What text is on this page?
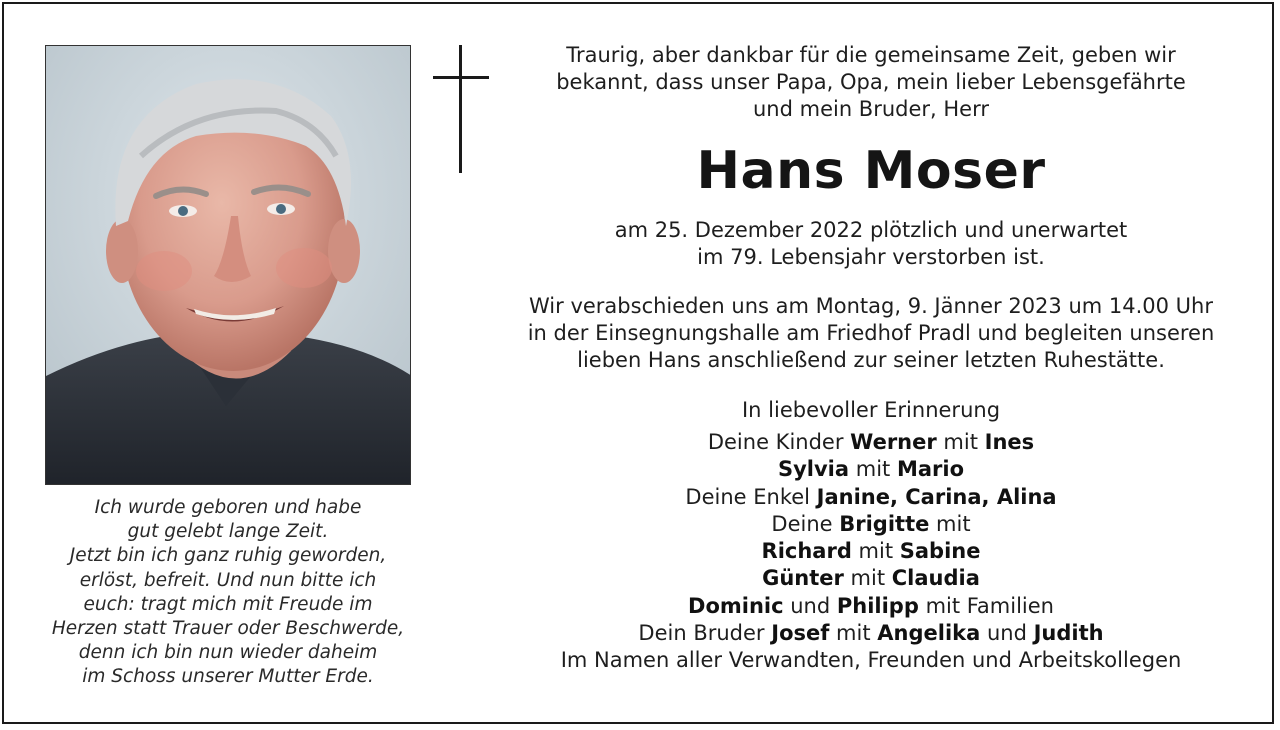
Ich wurde geboren und habe
gut gelebt lange Zeit.
Jetzt bin ich ganz ruhig geworden,
erlöst, befreit. Und nun bitte ich
euch: tragt mich mit Freude im
Herzen statt Trauer oder Beschwerde,
denn ich bin nun wieder daheim
im Schoss unserer Mutter Erde.
Traurig, aber dankbar für die gemeinsame Zeit, geben wir
bekannt, dass unser Papa, Opa, mein lieber Lebensgefährte
und mein Bruder, Herr
Hans Moser
am 25. Dezember 2022 plötzlich und unerwartet
im 79. Lebensjahr verstorben ist.
Wir verabschieden uns am Montag, 9. Jänner 2023 um 14.00 Uhr
in der Einsegnungshalle am Friedhof Pradl und begleiten unseren
lieben Hans anschließend zur seiner letzten Ruhestätte.
In liebevoller Erinnerung
Deine Kinder Werner mit Ines
Sylvia mit Mario
Deine Enkel Janine, Carina, Alina
Deine Brigitte mit
Richard mit Sabine
Günter mit Claudia
Dominic und Philipp mit Familien
Dein Bruder Josef mit Angelika und Judith
Im Namen aller Verwandten, Freunden und Arbeitskollegen
